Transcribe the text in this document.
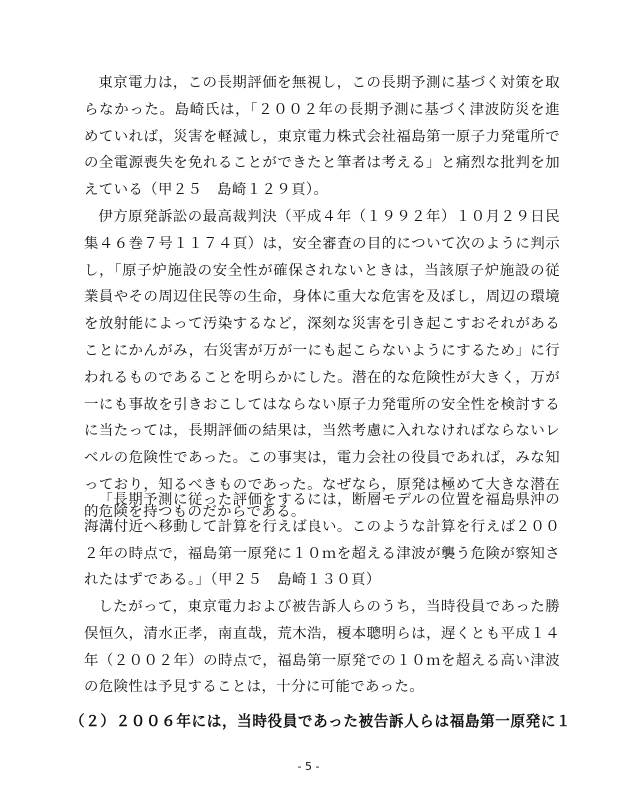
東京電力は，この長期評価を無視し，この長期予測に基づく対策を取らなかった。島崎氏は，「２００２年の長期予測に基づく津波防災を進めていれば，災害を軽減し，東京電力株式会社福島第一原子力発電所での全電源喪失を免れることができたと筆者は考える」と痛烈な批判を加えている（甲２５　島崎１２９頁）。

伊方原発訴訟の最高裁判決（平成４年（１９９２年）１０月２９日民集４６巻７号１１７４頁）は，安全審査の目的について次のように判示し，「原子炉施設の安全性が確保されないときは，当該原子炉施設の従業員やその周辺住民等の生命，身体に重大な危害を及ぼし，周辺の環境を放射能によって汚染するなど，深刻な災害を引き起こすおそれがあることにかんがみ，右災害が万が一にも起こらないようにするため」に行われるものであることを明らかにした。潜在的な危険性が大きく，万が一にも事故を引きおこしてはならない原子力発電所の安全性を検討するに当たっては，長期評価の結果は，当然考慮に入れなければならないレベルの危険性であった。この事実は，電力会社の役員であれば，みな知っており，知るべきものであった。なぜなら，原発は極めて大きな潜在的危険を持つものだからである。

「長期予測に従った評価をするには，断層モデルの位置を福島県沖の海溝付近へ移動して計算を行えば良い。このような計算を行えば２００２年の時点で，福島第一原発に１０ｍを超える津波が襲う危険が察知されたはずである。」（甲２５　島崎１３０頁）

したがって，東京電力および被告訴人らのうち，当時役員であった勝俣恒久，清水正孝，南直哉，荒木浩，榎本聰明らは，遅くとも平成１４年（２００２年）の時点で，福島第一原発での１０ｍを超える高い津波の危険性は予見することは，十分に可能であった。

（２）２００６年には，当時役員であった被告訴人らは福島第一原発に１

- 5 -
